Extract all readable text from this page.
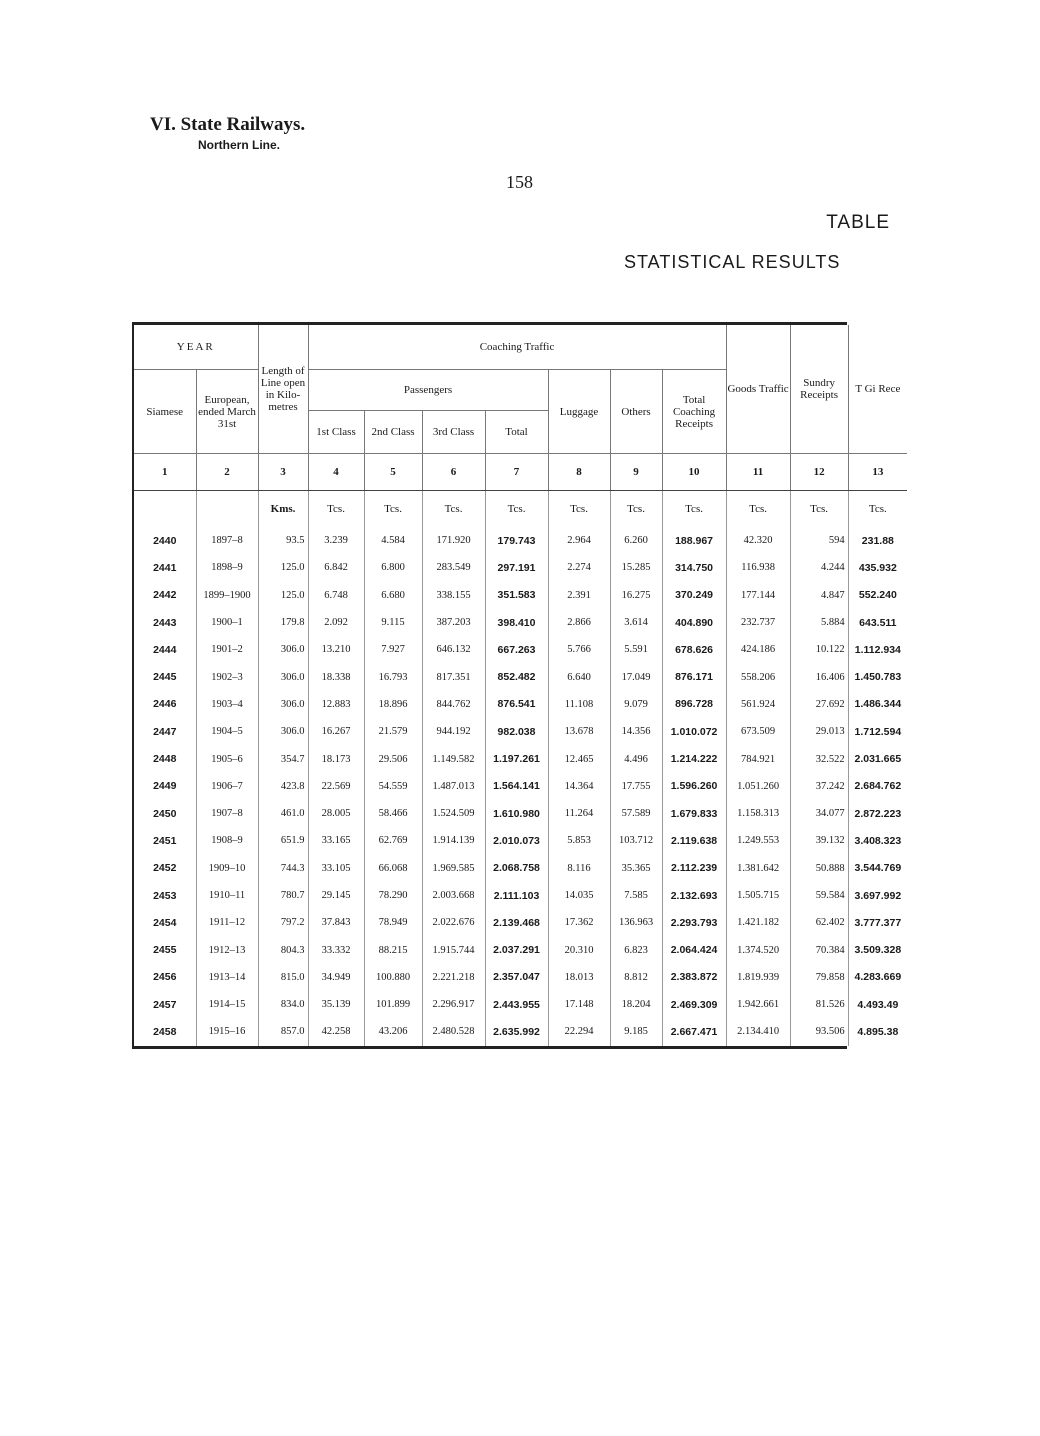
VI. State Railways.
Northern Line.
158
TABLE
STATISTICAL RESULTS
YEAR		Length of Line open in Kilo-metres	Coaching Traffic							Goods Traffic	Sundry Receipts	T Gi Rece
Siamese	European, ended March 31st		Passengers				Luggage	Others	Total Coaching Receipts			
			1st Class	2nd Class	3rd Class	Total						
1	2	3	4	5	6	7	8	9	10	11	12	13
		Kms.	Tcs.	Tcs.	Tcs.	Tcs.	Tcs.	Tcs.	Tcs.	Tcs.	Tcs.	Tcs.
2440	1897–8	93.5	3.239	4.584	171.920	179.743	2.964	6.260	188.967	42.320	594	231.88
2441	1898–9	125.0	6.842	6.800	283.549	297.191	2.274	15.285	314.750	116.938	4.244	435.932
2442	1899–1900	125.0	6.748	6.680	338.155	351.583	2.391	16.275	370.249	177.144	4.847	552.240
2443	1900–1	179.8	2.092	9.115	387.203	398.410	2.866	3.614	404.890	232.737	5.884	643.511
2444	1901–2	306.0	13.210	7.927	646.132	667.263	5.766	5.591	678.626	424.186	10.122	1.112.934
2445	1902–3	306.0	18.338	16.793	817.351	852.482	6.640	17.049	876.171	558.206	16.406	1.450.783
2446	1903–4	306.0	12.883	18.896	844.762	876.541	11.108	9.079	896.728	561.924	27.692	1.486.344
2447	1904–5	306.0	16.267	21.579	944.192	982.038	13.678	14.356	1.010.072	673.509	29.013	1.712.594
2448	1905–6	354.7	18.173	29.506	1.149.582	1.197.261	12.465	4.496	1.214.222	784.921	32.522	2.031.665
2449	1906–7	423.8	22.569	54.559	1.487.013	1.564.141	14.364	17.755	1.596.260	1.051.260	37.242	2.684.762
2450	1907–8	461.0	28.005	58.466	1.524.509	1.610.980	11.264	57.589	1.679.833	1.158.313	34.077	2.872.223
2451	1908–9	651.9	33.165	62.769	1.914.139	2.010.073	5.853	103.712	2.119.638	1.249.553	39.132	3.408.323
2452	1909–10	744.3	33.105	66.068	1.969.585	2.068.758	8.116	35.365	2.112.239	1.381.642	50.888	3.544.769
2453	1910–11	780.7	29.145	78.290	2.003.668	2.111.103	14.035	7.585	2.132.693	1.505.715	59.584	3.697.992
2454	1911–12	797.2	37.843	78.949	2.022.676	2.139.468	17.362	136.963	2.293.793	1.421.182	62.402	3.777.377
2455	1912–13	804.3	33.332	88.215	1.915.744	2.037.291	20.310	6.823	2.064.424	1.374.520	70.384	3.509.328
2456	1913–14	815.0	34.949	100.880	2.221.218	2.357.047	18.013	8.812	2.383.872	1.819.939	79.858	4.283.669
2457	1914–15	834.0	35.139	101.899	2.296.917	2.443.955	17.148	18.204	2.469.309	1.942.661	81.526	4.493.49
2458	1915–16	857.0	42.258	43.206	2.480.528	2.635.992	22.294	9.185	2.667.471	2.134.410	93.506	4.895.38
